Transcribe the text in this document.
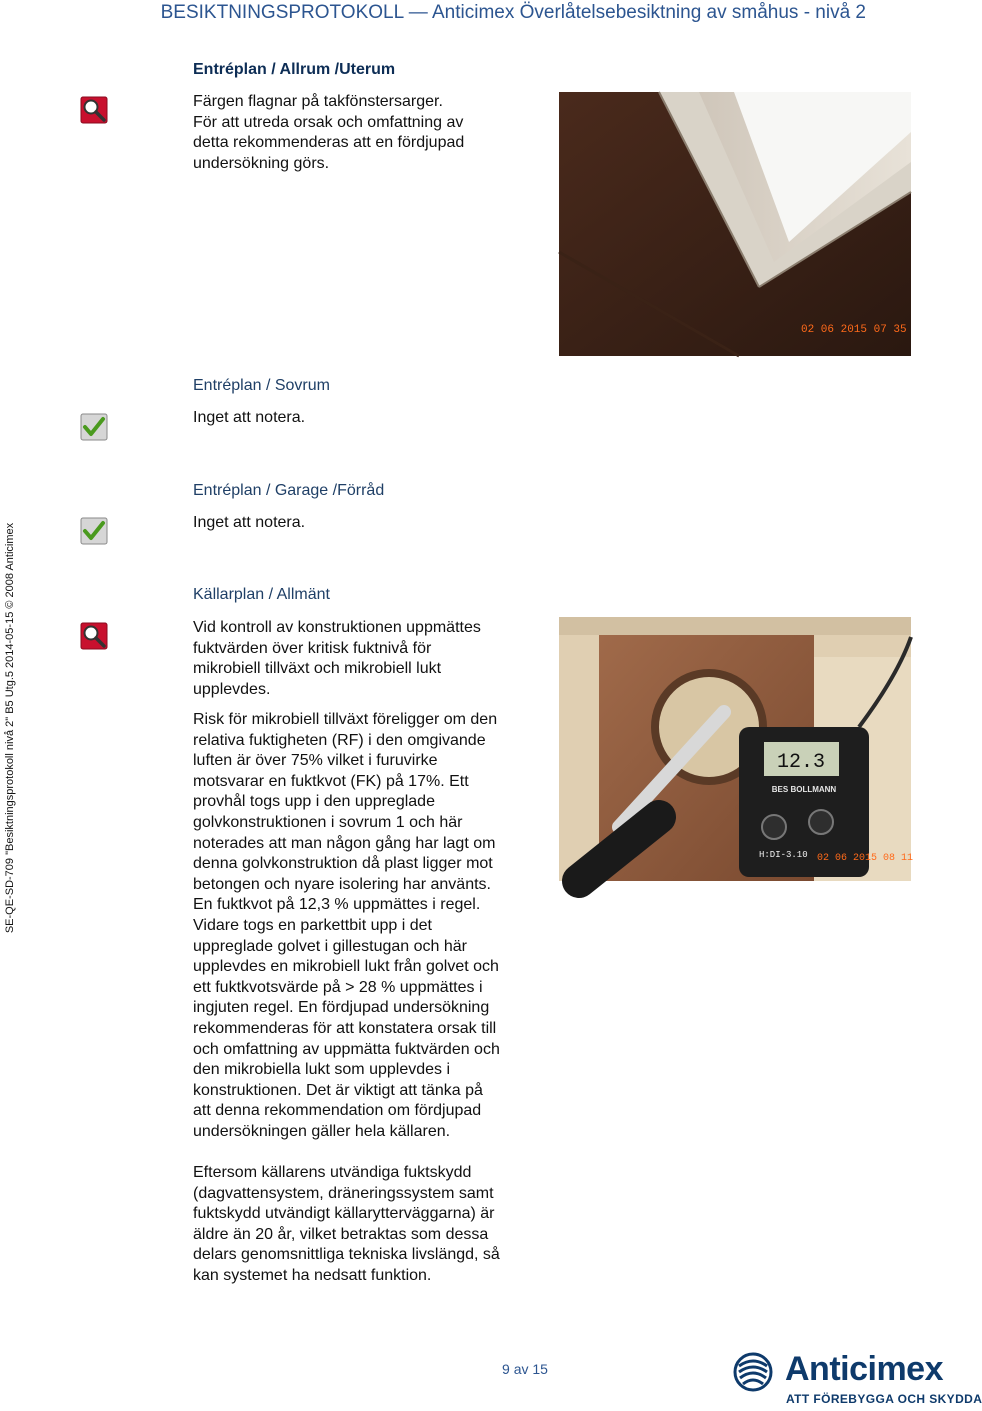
BESIKTNINGSPROTOKOLL — Anticimex Överlåtelsebesiktning av småhus - nivå 2
SE-QE-SD-709 "Besiktningsprotokoll nivå 2" B5 Utg.5 2014-05-15 © 2008 Anticimex
Entréplan / Allrum /Uterum

Färgen flagnar på takfönstersarger.

För att utreda orsak och omfattning av

detta rekommenderas att en fördjupad

undersökning görs.

02 06 2015 07 35
Entréplan / Sovrum

Inget att notera.

Entréplan / Garage /Förråd

Inget att notera.

Källarplan / Allmänt

Vid kontroll av konstruktionen uppmättes

fuktvärden över kritisk fuktnivå för

mikrobiell tillväxt och mikrobiell lukt

upplevdes.

Risk för mikrobiell tillväxt föreligger om den

relativa fuktigheten (RF) i den omgivande

luften är över 75% vilket i furuvirke

motsvarar en fuktkvot (FK) på 17%. Ett

provhål togs upp i den uppreglade

golvkonstruktionen i sovrum 1 och här

noterades att man någon gång har lagt om

denna golvkonstruktion då plast ligger mot

betongen och nyare isolering har använts.

En fuktkvot på 12,3 % uppmättes i regel.

Vidare togs en parkettbit upp i det

uppreglade golvet i gillestugan och här

upplevdes en mikrobiell lukt från golvet och

ett fuktkvotsvärde på > 28 % uppmättes i

ingjuten regel. En fördjupad undersökning

rekommenderas för att konstatera orsak till

och omfattning av uppmätta fuktvärden och

den mikrobiella lukt som upplevdes i

konstruktionen. Det är viktigt att tänka på

att denna rekommendation om fördjupad

undersökningen gäller hela källaren.

Eftersom källarens utvändiga fuktskydd

(dagvattensystem, dräneringssystem samt

fuktskydd utvändigt källarytterväggarna) är

äldre än 20 år, vilket betraktas som dessa

delars genomsnittliga tekniska livslängd, så

kan systemet ha nedsatt funktion.

12.3
BES BOLLMANN
H:DI-3.10 02 06 2015 08 11
9 av 15	Anticimex
ATT FÖREBYGGA OCH SKYDDA
